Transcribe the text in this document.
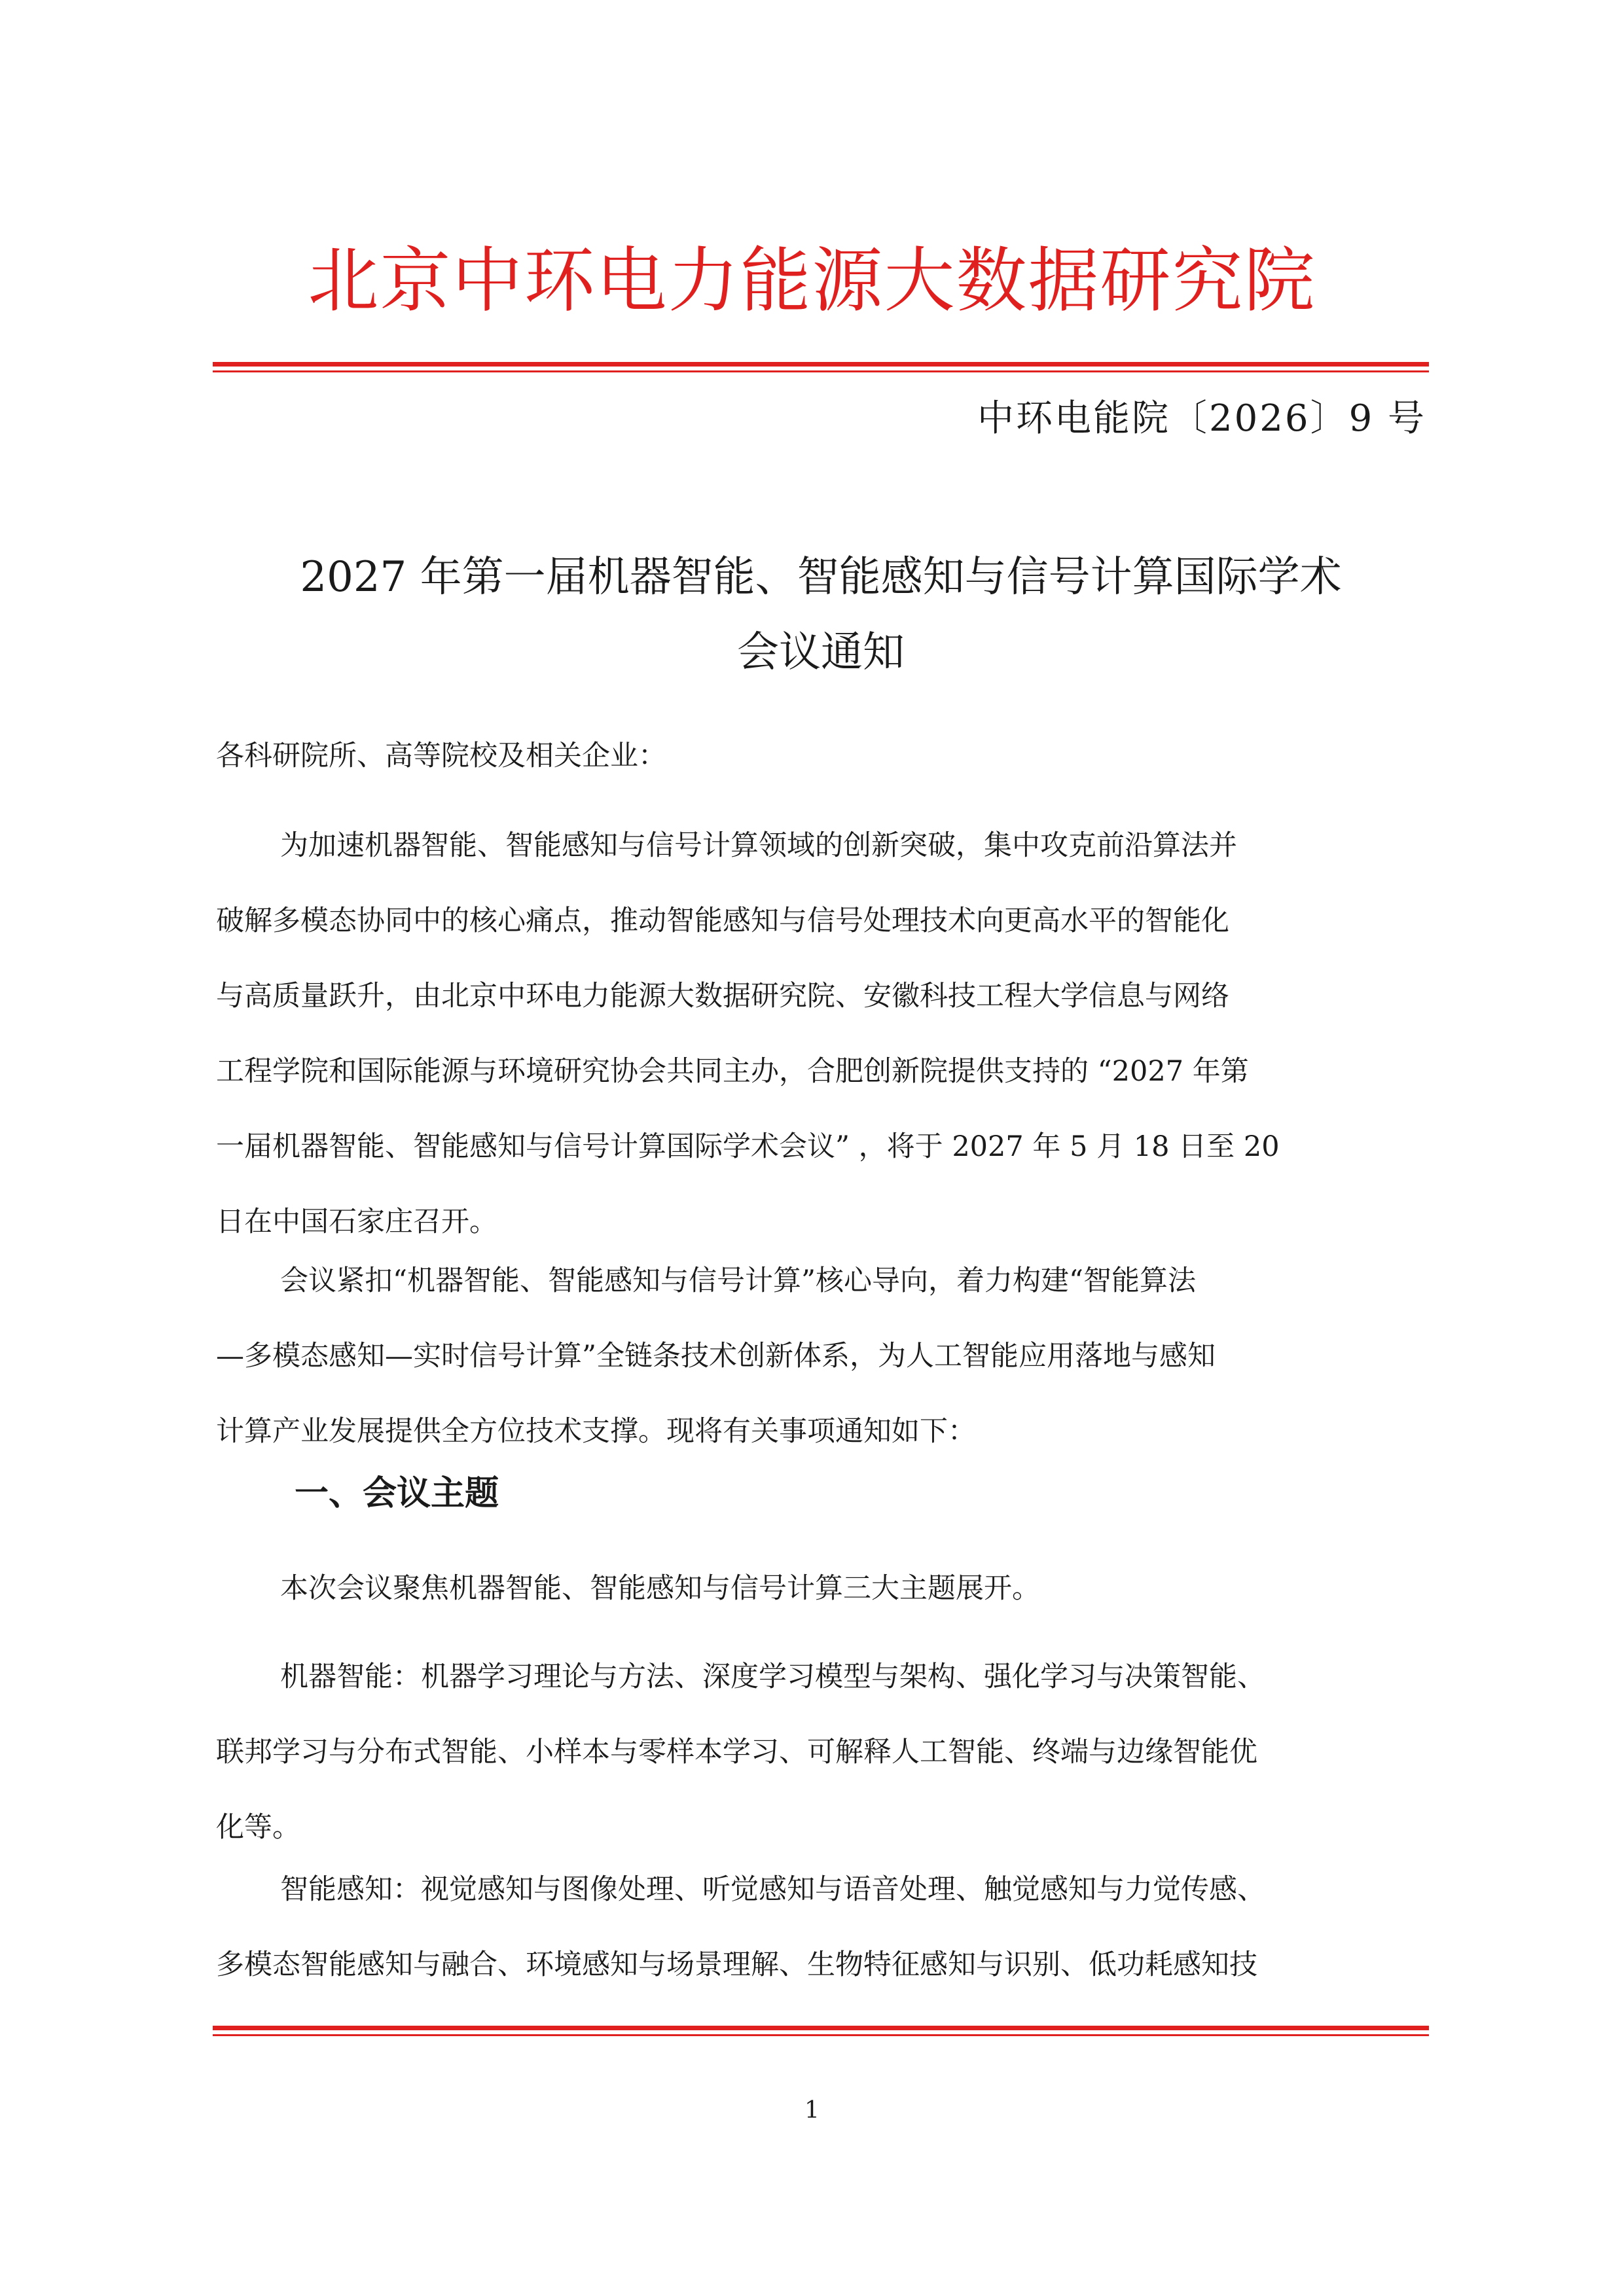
北京中环电力能源大数据研究院
中环电能院〔2026〕9 号
2027 年第一届机器智能、智能感知与信号计算国际学术
会议通知
各科研院所、高等院校及相关企业：
为加速机器智能、智能感知与信号计算领域的创新突破，集中攻克前沿算法并
破解多模态协同中的核心痛点，推动智能感知与信号处理技术向更高水平的智能化
与高质量跃升，由北京中环电力能源大数据研究院、安徽科技工程大学信息与网络
工程学院和国际能源与环境研究协会共同主办，合肥创新院提供支持的 “2027 年第
一届机器智能、智能感知与信号计算国际学术会议” ，将于 2027 年 5 月 18 日至 20
日在中国石家庄召开。
会议紧扣“机器智能、智能感知与信号计算”核心导向，着力构建“智能算法
—多模态感知—实时信号计算”全链条技术创新体系，为人工智能应用落地与感知
计算产业发展提供全方位技术支撑。现将有关事项通知如下：
一、会议主题
本次会议聚焦机器智能、智能感知与信号计算三大主题展开。
机器智能：机器学习理论与方法、深度学习模型与架构、强化学习与决策智能、
联邦学习与分布式智能、小样本与零样本学习、可解释人工智能、终端与边缘智能优
化等。
智能感知：视觉感知与图像处理、听觉感知与语音处理、触觉感知与力觉传感、
多模态智能感知与融合、环境感知与场景理解、生物特征感知与识别、低功耗感知技
1
